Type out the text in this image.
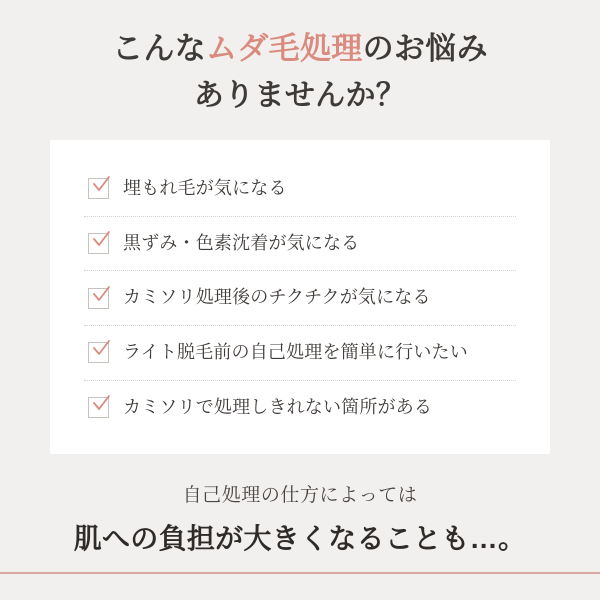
こんなムダ毛処理のお悩み
ありませんか？
埋もれ毛が気になる
黒ずみ・色素沈着が気になる
カミソリ処理後のチクチクが気になる
ライト脱毛前の自己処理を簡単に行いたい
カミソリで処理しきれない箇所がある
自己処理の仕方によっては
肌への負担が大きくなることも…。
